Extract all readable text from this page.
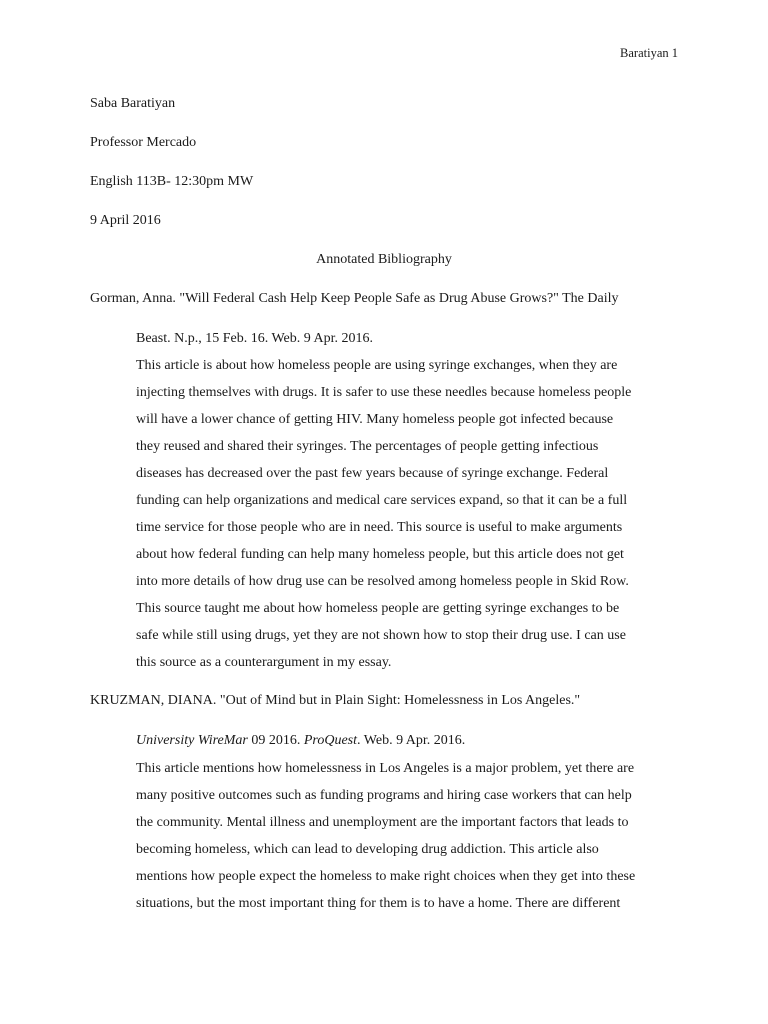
Baratiyan 1
Saba Baratiyan
Professor Mercado
English 113B- 12:30pm MW
9 April 2016
Annotated Bibliography
Gorman, Anna. "Will Federal Cash Help Keep People Safe as Drug Abuse Grows?" The Daily
Beast. N.p., 15 Feb. 16. Web. 9 Apr. 2016.
This article is about how homeless people are using syringe exchanges, when they are
injecting themselves with drugs. It is safer to use these needles because homeless people
will have a lower chance of getting HIV. Many homeless people got infected because
they reused and shared their syringes. The percentages of people getting infectious
diseases has decreased over the past few years because of syringe exchange. Federal
funding can help organizations and medical care services expand, so that it can be a full
time service for those people who are in need. This source is useful to make arguments
about how federal funding can help many homeless people, but this article does not get
into more details of how drug use can be resolved among homeless people in Skid Row.
This source taught me about how homeless people are getting syringe exchanges to be
safe while still using drugs, yet they are not shown how to stop their drug use. I can use
this source as a counterargument in my essay.
KRUZMAN, DIANA. "Out of Mind but in Plain Sight: Homelessness in Los Angeles."
University WireMar 09 2016. ProQuest. Web. 9 Apr. 2016.
This article mentions how homelessness in Los Angeles is a major problem, yet there are
many positive outcomes such as funding programs and hiring case workers that can help
the community. Mental illness and unemployment are the important factors that leads to
becoming homeless, which can lead to developing drug addiction. This article also
mentions how people expect the homeless to make right choices when they get into these
situations, but the most important thing for them is to have a home. There are different
